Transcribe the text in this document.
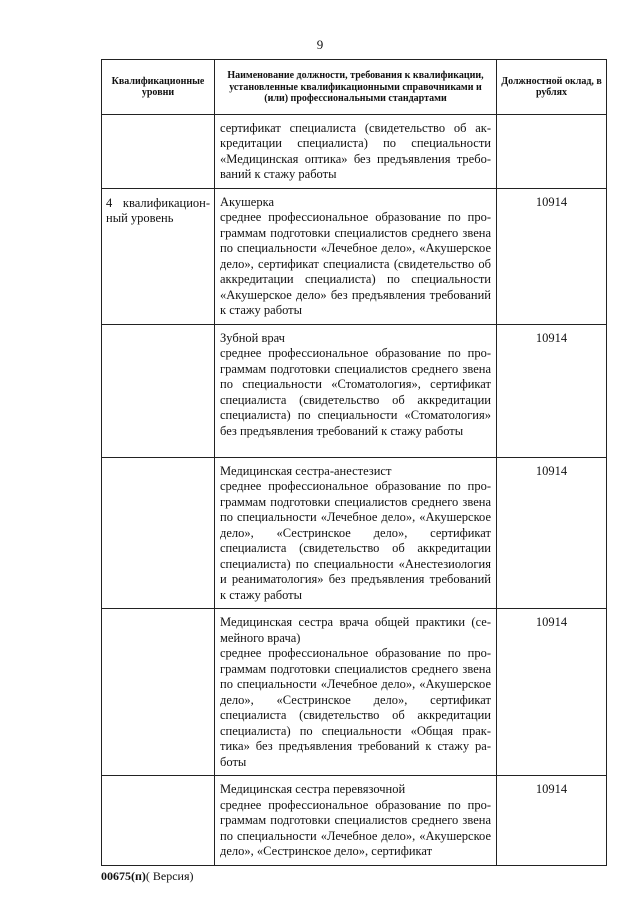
9
Квалификационные уровни	Наименование должности, требования к квалификации, установленные квалификационными справочниками и (или) профессиональными стандартами	Должностной оклад, в рублях

	сертификат специалиста (свидетельство об аккредитации специалиста) по специальности «Медицинская оптика» без предъявления требований к стажу работы	

4 квалификационный уровень	Акушерка
среднее профессиональное образование по программам подготовки специалистов среднего звена по специальности «Лечебное дело», «Акушерское дело», сертификат специалиста (свидетельство об аккредитации специалиста) по специальности «Акушерское дело» без предъявления требований к стажу работы	10914

	Зубной врач
среднее профессиональное образование по программам подготовки специалистов среднего звена по специальности «Стоматология», сертификат специалиста (свидетельство об аккредитации специалиста) по специальности «Стоматология» без предъявления требований к стажу работы	10914

	Медицинская сестра-анестезист
среднее профессиональное образование по программам подготовки специалистов среднего звена по специальности «Лечебное дело», «Акушерское дело», «Сестринское дело», сертификат специалиста (свидетельство об аккредитации специалиста) по специальности «Анестезиология и реаниматология» без предъявления требований к стажу работы	10914

	Медицинская сестра врача общей практики (семейного врача)
среднее профессиональное образование по программам подготовки специалистов среднего звена по специальности «Лечебное дело», «Акушерское дело», «Сестринское дело», сертификат специалиста (свидетельство об аккредитации специалиста) по специальности «Общая практика» без предъявления требований к стажу работы	10914

	Медицинская сестра перевязочной
среднее профессиональное образование по программам подготовки специалистов среднего звена по специальности «Лечебное дело», «Акушерское дело», «Сестринское дело», сертификат	10914
00675(п)( Версия)
